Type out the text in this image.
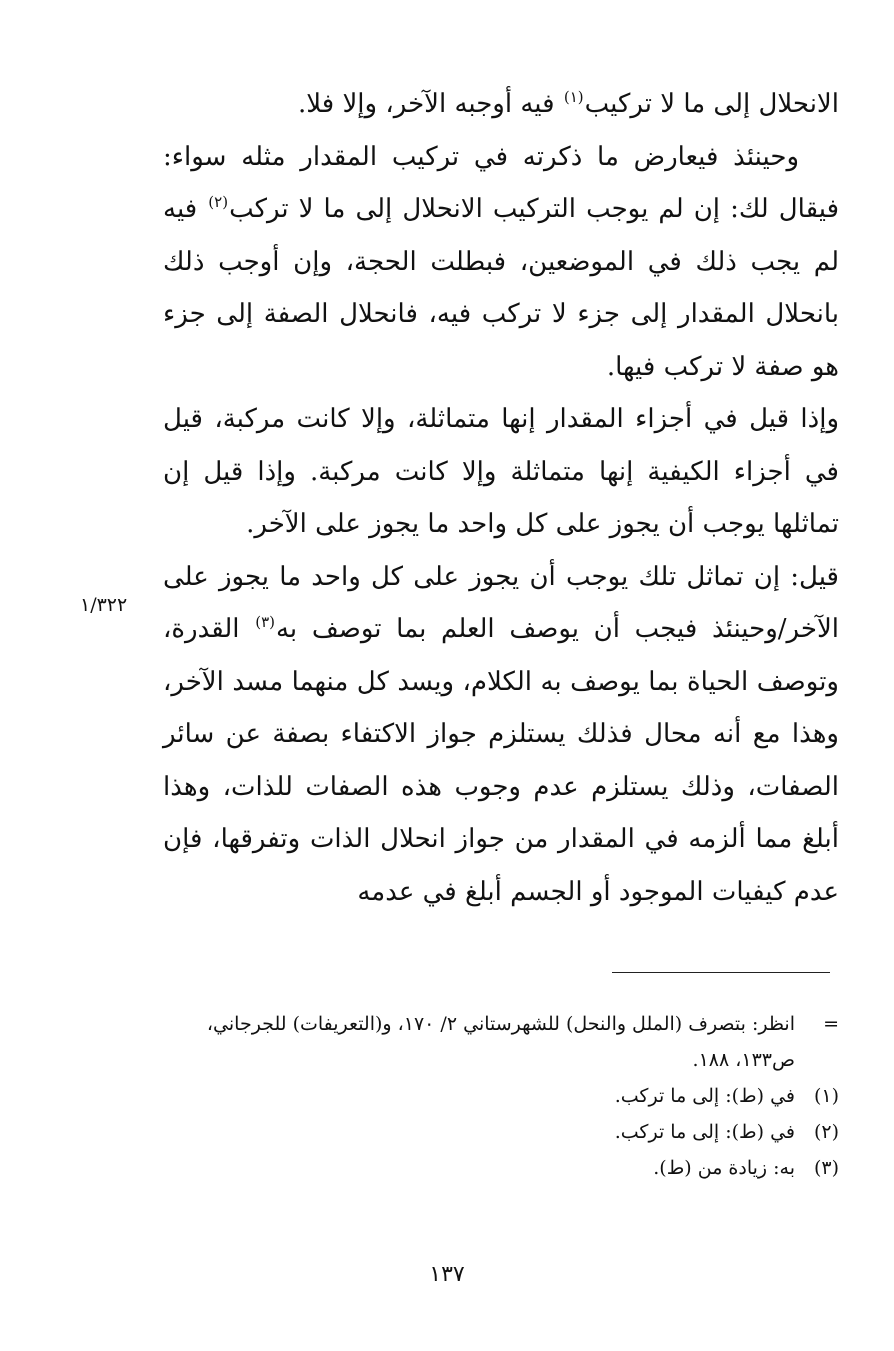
الانحلال إلى ما لا تركيب$^{(١)}$ فيه أوجبه الآخر، وإلا فلا.

وحينئذ فيعارض ما ذكرته في تركيب المقدار مثله سواء: فيقال لك: إن لم يوجب التركيب الانحلال إلى ما لا تركب$^{(٢)}$ فيه لم يجب ذلك في الموضعين، فبطلت الحجة، وإن أوجب ذلك بانحلال المقدار إلى جزء لا تركب فيه، فانحلال الصفة إلى جزء هو صفة لا تركب فيها.

وإذا قيل في أجزاء المقدار إنها متماثلة، وإلا كانت مركبة، قيل في أجزاء الكيفية إنها متماثلة وإلا كانت مركبة. وإذا قيل إن تماثلها يوجب أن يجوز على كل واحد ما يجوز على الآخر.

قيل: إن تماثل تلك يوجب أن يجوز على كل واحد ما يجوز على الآخر/وحينئذ فيجب أن يوصف العلم بما توصف به$^{(٣)}$ القدرة، وتوصف الحياة بما يوصف به الكلام، ويسد كل منهما مسد الآخر، وهذا مع أنه محال فذلك يستلزم جواز الاكتفاء بصفة عن سائر الصفات، وذلك يستلزم عدم وجوب هذه الصفات للذات، وهذا أبلغ مما ألزمه في المقدار من جواز انحلال الذات وتفرقها، فإن عدم كيفيات الموجود أو الجسم أبلغ في عدمه

١/٣٢٢
=
انظر: بتصرف (الملل والنحل) للشهرستاني ٢/ ١٧٠، و(التعريفات) للجرجاني، ص١٣٣، ١٨٨.
(١)
في (ط): إلى ما تركب.
(٢)
في (ط): إلى ما تركب.
(٣)
به: زيادة من (ط).
١٣٧
